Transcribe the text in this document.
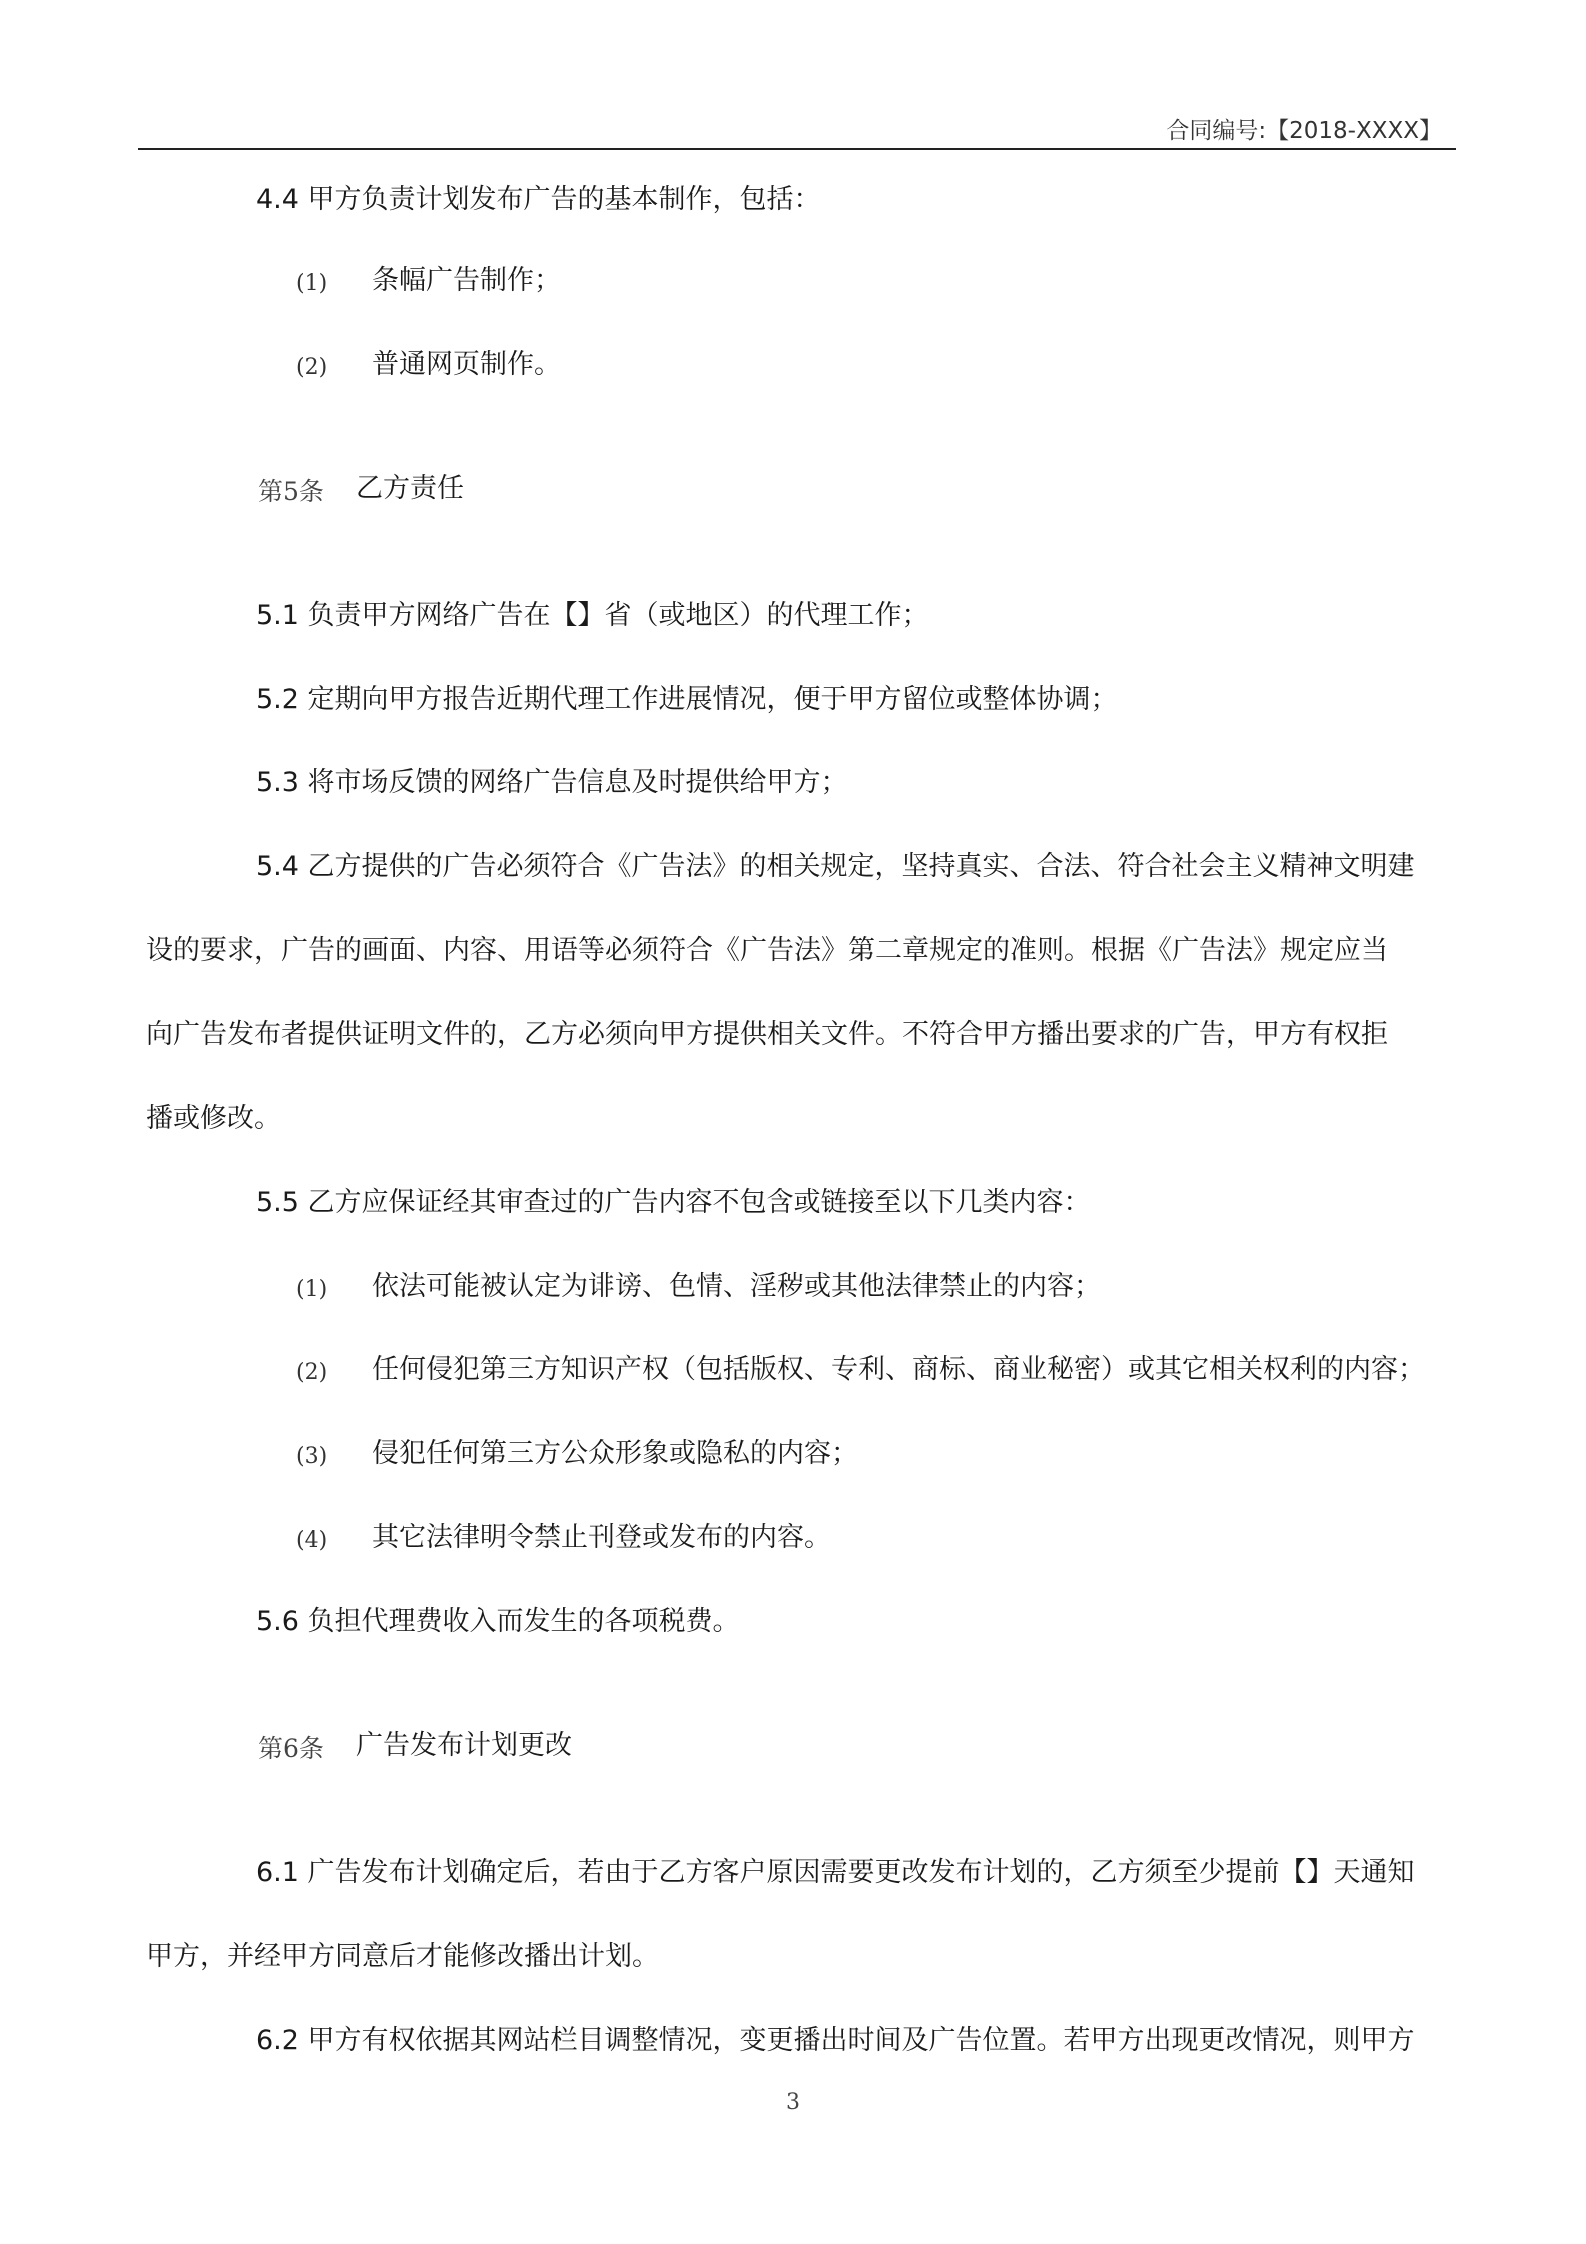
合同编号:【2018-XXXX】
4.4 甲方负责计划发布广告的基本制作，包括：
(1) 条幅广告制作；
(2) 普通网页制作。
第5条 乙方责任
5.1 负责甲方网络广告在【】省（或地区）的代理工作；
5.2 定期向甲方报告近期代理工作进展情况，便于甲方留位或整体协调；
5.3 将市场反馈的网络广告信息及时提供给甲方；
5.4 乙方提供的广告必须符合《广告法》的相关规定，坚持真实、合法、符合社会主义精神文明建
设的要求，广告的画面、内容、用语等必须符合《广告法》第二章规定的准则。根据《广告法》规定应当
向广告发布者提供证明文件的，乙方必须向甲方提供相关文件。不符合甲方播出要求的广告，甲方有权拒
播或修改。
5.5 乙方应保证经其审查过的广告内容不包含或链接至以下几类内容：
(1) 依法可能被认定为诽谤、色情、淫秽或其他法律禁止的内容；
(2) 任何侵犯第三方知识产权（包括版权、专利、商标、商业秘密）或其它相关权利的内容；
(3) 侵犯任何第三方公众形象或隐私的内容；
(4) 其它法律明令禁止刊登或发布的内容。
5.6 负担代理费收入而发生的各项税费。
第6条 广告发布计划更改
6.1 广告发布计划确定后，若由于乙方客户原因需要更改发布计划的，乙方须至少提前【】天通知
甲方，并经甲方同意后才能修改播出计划。
6.2 甲方有权依据其网站栏目调整情况，变更播出时间及广告位置。若甲方出现更改情况，则甲方
3
